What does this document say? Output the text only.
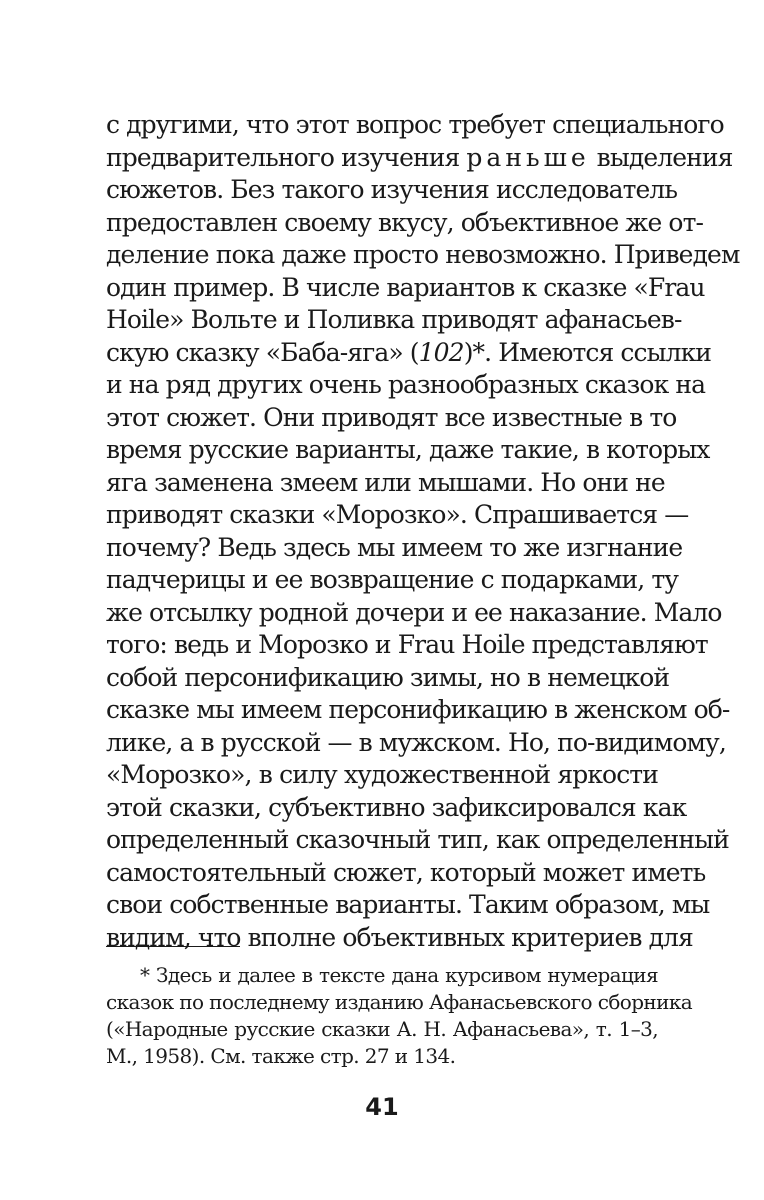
с другими, что этот вопрос требует специального
предварительного изучения раньше выделения
сюжетов. Без такого изучения исследователь
предоставлен своему вкусу, объективное же от-
деление пока даже просто невозможно. Приведем
один пример. В числе вариантов к сказке «Frau
Hoile» Вольте и Поливка приводят афанасьев-
скую сказку «Баба-яга» (102)*. Имеются ссылки
и на ряд других очень разнообразных сказок на
этот сюжет. Они приводят все известные в то
время русские варианты, даже такие, в которых
яга заменена змеем или мышами. Но они не
приводят сказки «Морозко». Спрашивается —
почему? Ведь здесь мы имеем то же изгнание
падчерицы и ее возвращение с подарками, ту
же отсылку родной дочери и ее наказание. Мало
того: ведь и Морозко и Frau Hoile представляют
собой персонификацию зимы, но в немецкой
сказке мы имеем персонификацию в женском об-
лике, а в русской — в мужском. Но, по-видимому,
«Морозко», в силу художественной яркости
этой сказки, субъективно зафиксировался как
определенный сказочный тип, как определенный
самостоятельный сюжет, который может иметь
свои собственные варианты. Таким образом, мы
видим, что вполне объективных критериев для
* Здесь и далее в тексте дана курсивом нумерация
сказок по последнему изданию Афанасьевского сборника
(«Народные русские сказки А. Н. Афанасьева», т. 1–3,
М., 1958). См. также стр. 27 и 134.
41
